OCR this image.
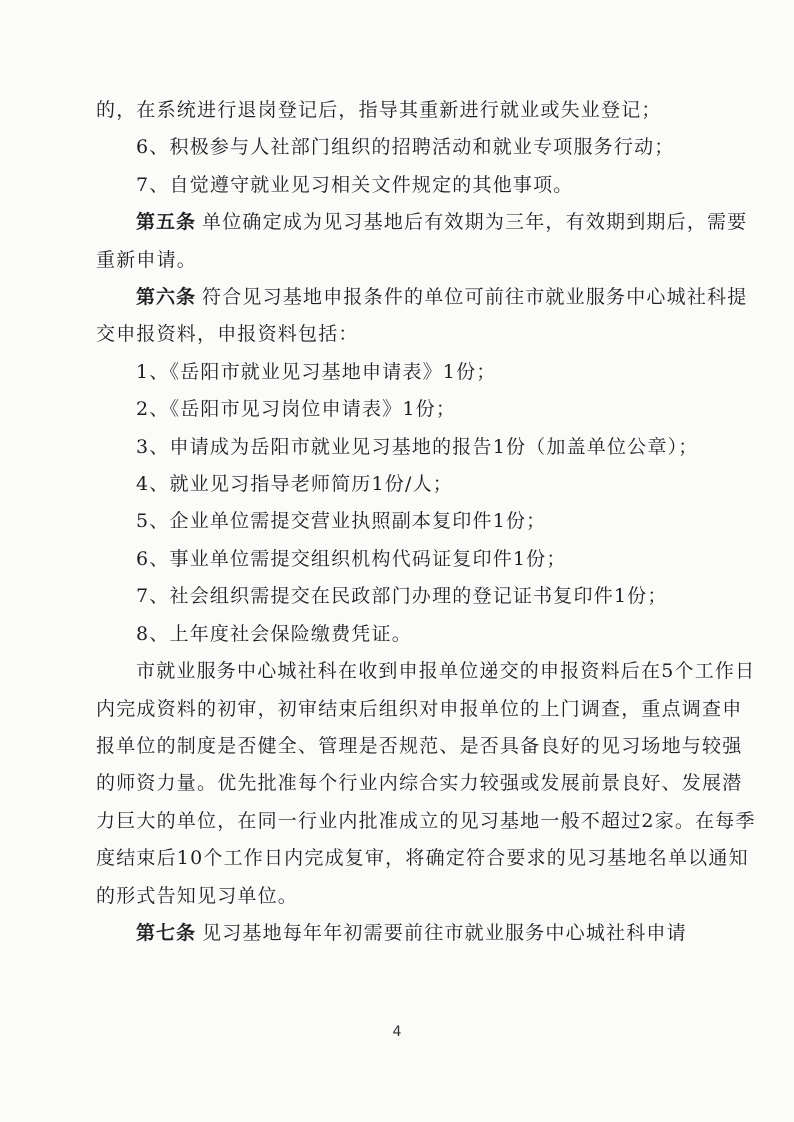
的，在系统进行退岗登记后，指导其重新进行就业或失业登记；

6、积极参与人社部门组织的招聘活动和就业专项服务行动；

7、自觉遵守就业见习相关文件规定的其他事项。

第五条 单位确定成为见习基地后有效期为三年，有效期到期后，需要重新申请。

第六条 符合见习基地申报条件的单位可前往市就业服务中心城社科提交申报资料，申报资料包括：

1、《岳阳市就业见习基地申请表》1份；

2、《岳阳市见习岗位申请表》1份；

3、申请成为岳阳市就业见习基地的报告1份（加盖单位公章）；

4、就业见习指导老师简历1份/人；

5、企业单位需提交营业执照副本复印件1份；

6、事业单位需提交组织机构代码证复印件1份；

7、社会组织需提交在民政部门办理的登记证书复印件1份；

8、上年度社会保险缴费凭证。

市就业服务中心城社科在收到申报单位递交的申报资料后在5个工作日内完成资料的初审，初审结束后组织对申报单位的上门调查，重点调查申报单位的制度是否健全、管理是否规范、是否具备良好的见习场地与较强的师资力量。优先批准每个行业内综合实力较强或发展前景良好、发展潜力巨大的单位，在同一行业内批准成立的见习基地一般不超过2家。在每季度结束后10个工作日内完成复审，将确定符合要求的见习基地名单以通知的形式告知见习单位。

第七条 见习基地每年年初需要前往市就业服务中心城社科申请

4
